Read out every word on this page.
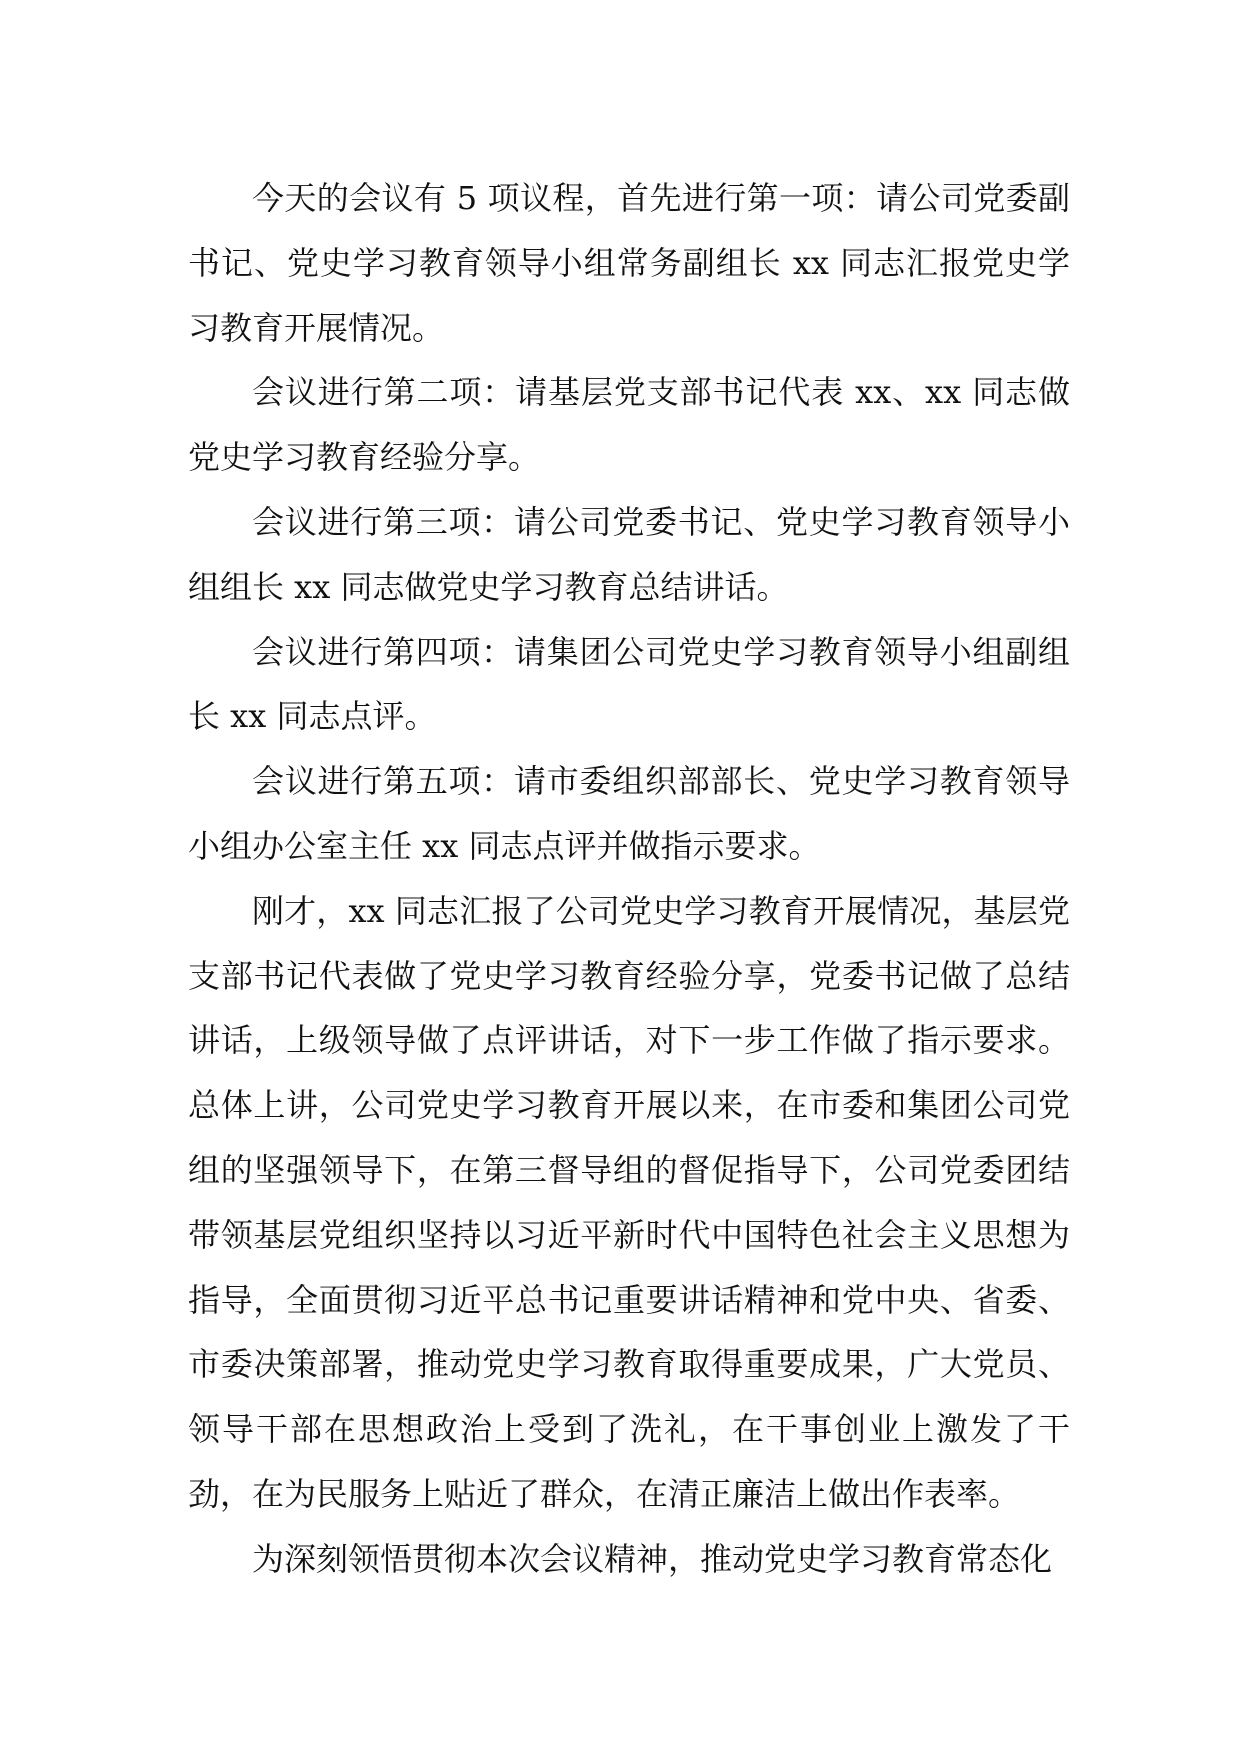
今天的会议有 5 项议程，首先进行第一项：请公司党委副书记、党史学习教育领导小组常务副组长 xx 同志汇报党史学习教育开展情况。

会议进行第二项：请基层党支部书记代表 xx、xx 同志做党史学习教育经验分享。

会议进行第三项：请公司党委书记、党史学习教育领导小组组长 xx 同志做党史学习教育总结讲话。

会议进行第四项：请集团公司党史学习教育领导小组副组长 xx 同志点评。

会议进行第五项：请市委组织部部长、党史学习教育领导小组办公室主任 xx 同志点评并做指示要求。

刚才，xx 同志汇报了公司党史学习教育开展情况，基层党支部书记代表做了党史学习教育经验分享，党委书记做了总结讲话，上级领导做了点评讲话，对下一步工作做了指示要求。总体上讲，公司党史学习教育开展以来，在市委和集团公司党组的坚强领导下，在第三督导组的督促指导下，公司党委团结带领基层党组织坚持以习近平新时代中国特色社会主义思想为指导，全面贯彻习近平总书记重要讲话精神和党中央、省委、市委决策部署，推动党史学习教育取得重要成果，广大党员、领导干部在思想政治上受到了洗礼，在干事创业上激发了干劲，在为民服务上贴近了群众，在清正廉洁上做出作表率。

为深刻领悟贯彻本次会议精神，推动党史学习教育常态化
